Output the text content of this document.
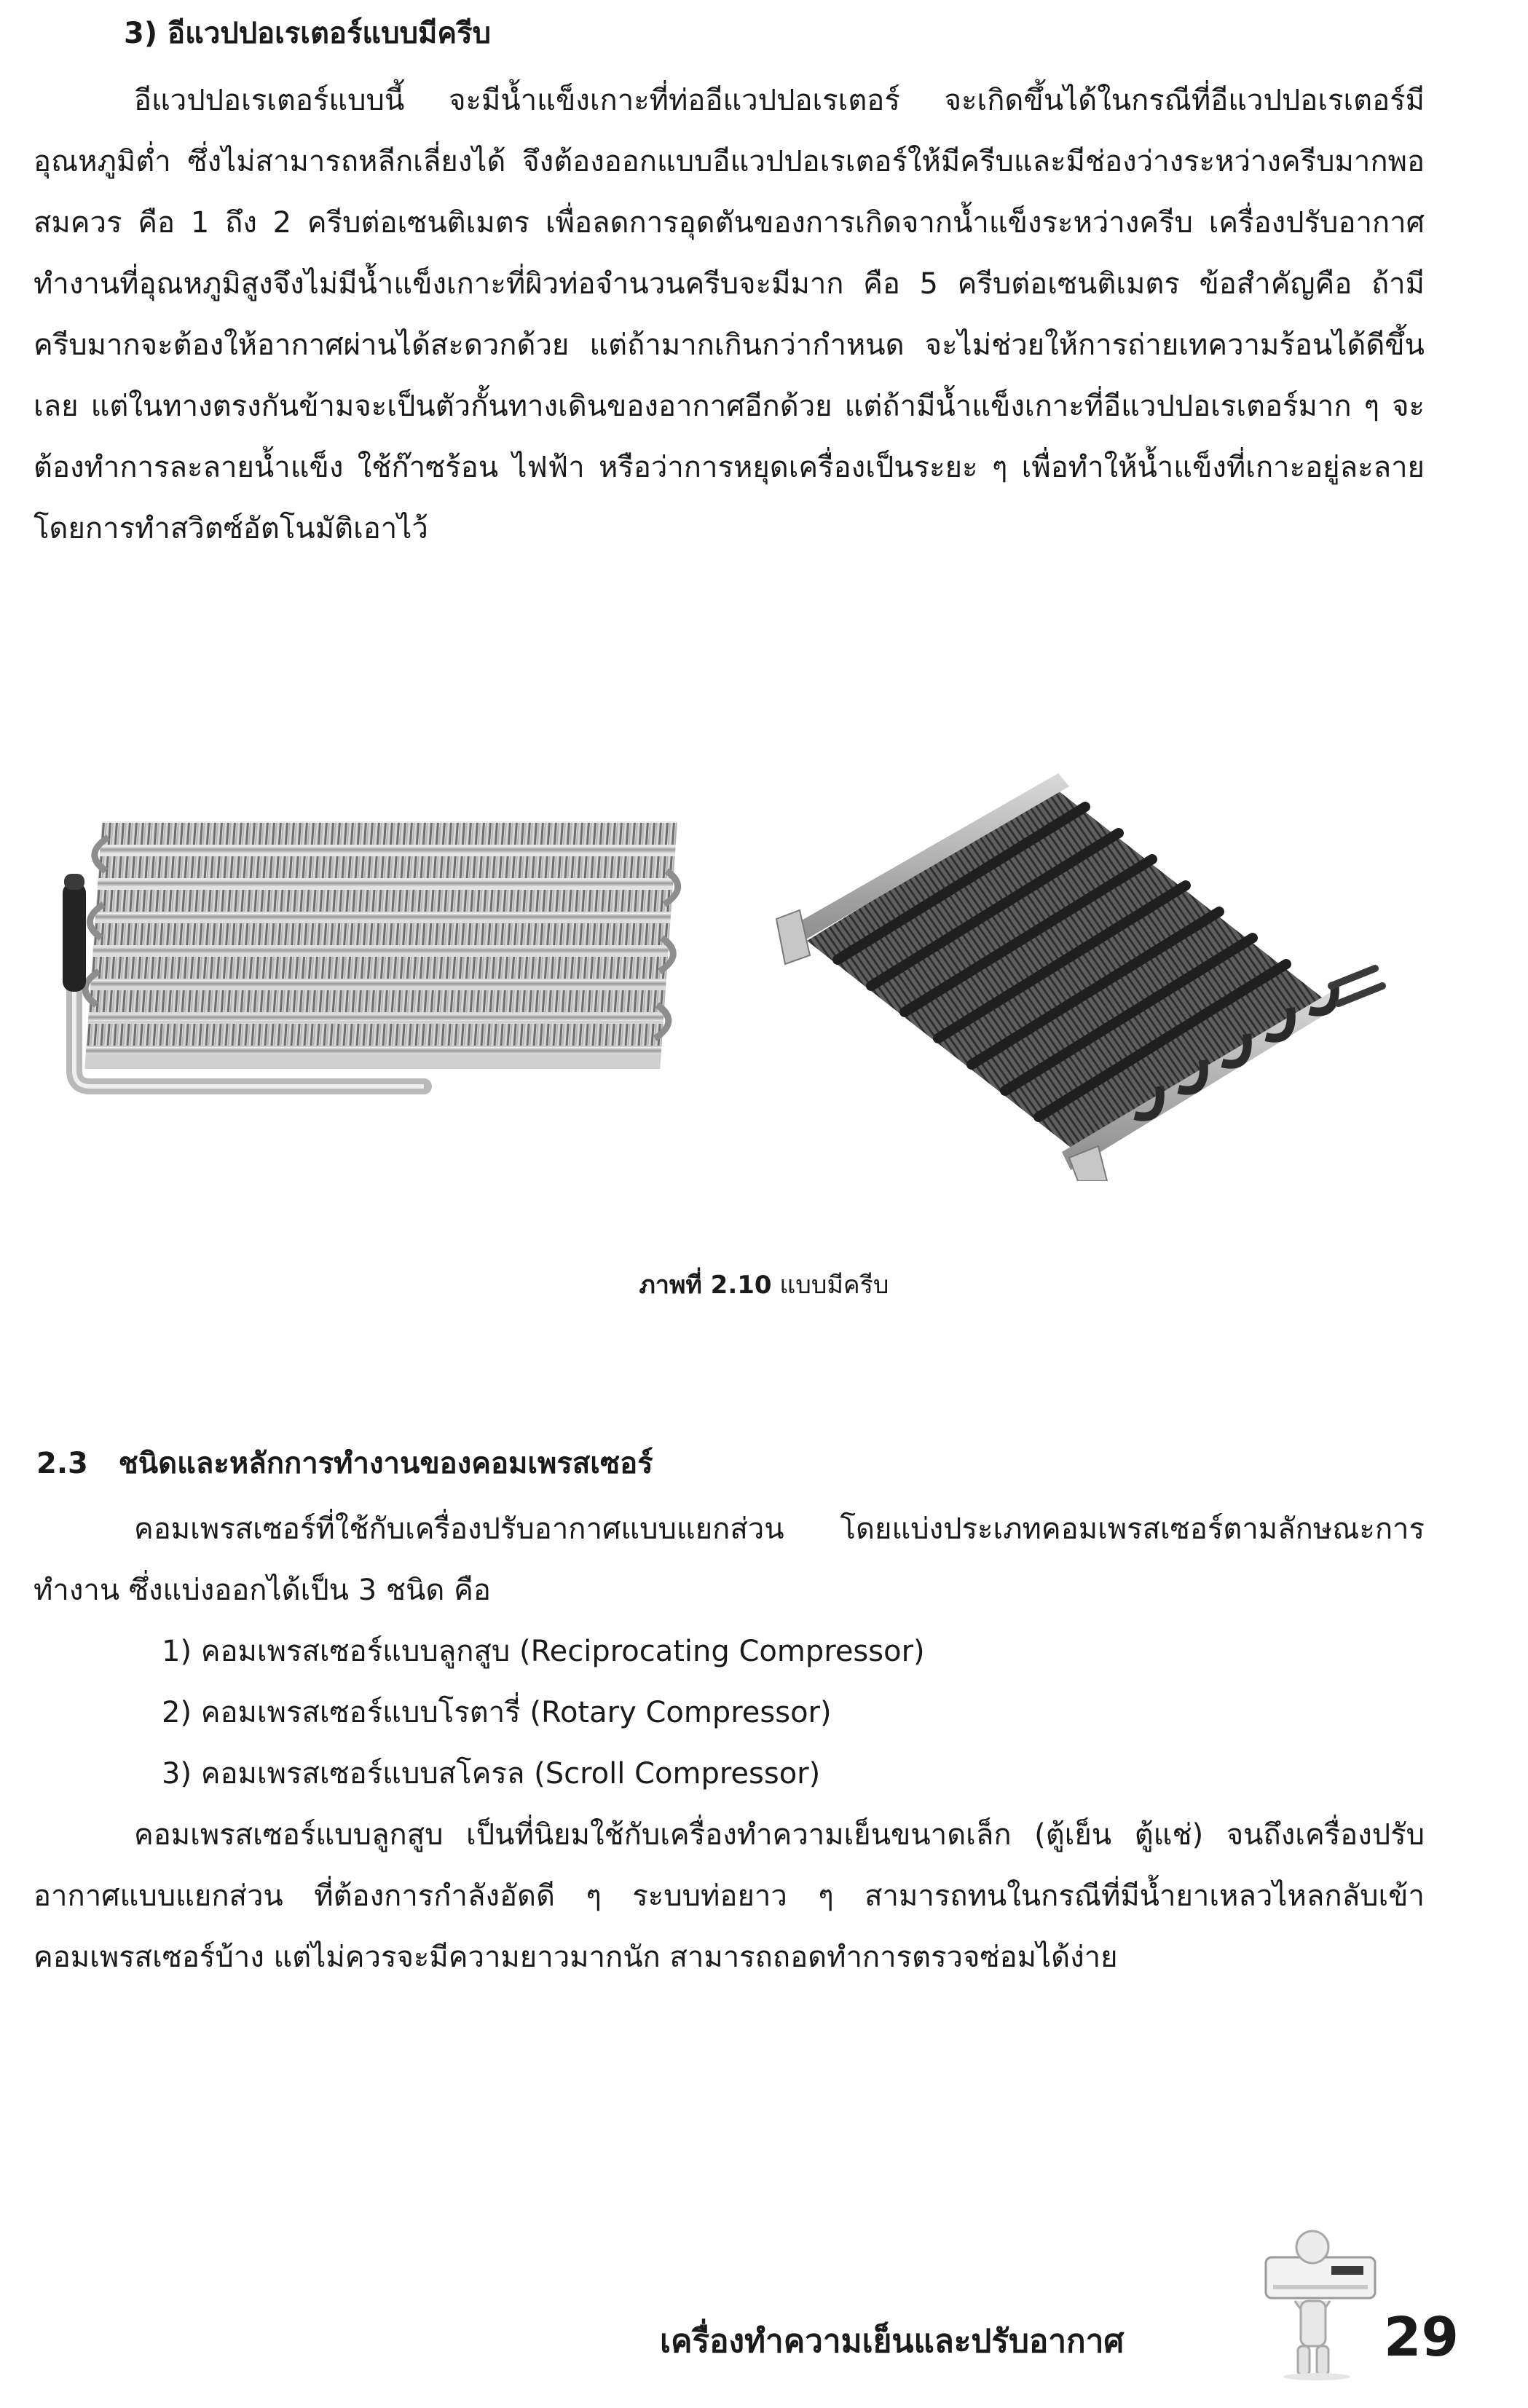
3) อีแวปปอเรเตอร์แบบมีครีบ

อีแวปปอเรเตอร์แบบนี้ จะมีน้ำแข็งเกาะที่ท่ออีแวปปอเรเตอร์ จะเกิดขึ้นได้ในกรณีที่อีแวปปอเรเตอร์มีอุณหภูมิต่ำ ซึ่งไม่สามารถหลีกเลี่ยงได้ จึงต้องออกแบบอีแวปปอเรเตอร์ให้มีครีบและมีช่องว่างระหว่างครีบมากพอสมควร คือ 1 ถึง 2 ครีบต่อเซนติเมตร เพื่อลดการอุดตันของการเกิดจากน้ำแข็งระหว่างครีบ เครื่องปรับอากาศทำงานที่อุณหภูมิสูงจึงไม่มีน้ำแข็งเกาะที่ผิวท่อจำนวนครีบจะมีมาก คือ 5 ครีบต่อเซนติเมตร ข้อสำคัญคือ ถ้ามีครีบมากจะต้องให้อากาศผ่านได้สะดวกด้วย แต่ถ้ามากเกินกว่ากำหนด จะไม่ช่วยให้การถ่ายเทความร้อนได้ดีขึ้นเลย แต่ในทางตรงกันข้ามจะเป็นตัวกั้นทางเดินของอากาศอีกด้วย แต่ถ้ามีน้ำแข็งเกาะที่อีแวปปอเรเตอร์มาก ๆ จะต้องทำการละลายน้ำแข็ง ใช้ก๊าซร้อน ไฟฟ้า หรือว่าการหยุดเครื่องเป็นระยะ ๆ เพื่อทำให้น้ำแข็งที่เกาะอยู่ละลายโดยการทำสวิตซ์อัตโนมัติเอาไว้

ภาพที่ 2.10 แบบมีครีบ
2.3 ชนิดและหลักการทำงานของคอมเพรสเซอร์

คอมเพรสเซอร์ที่ใช้กับเครื่องปรับอากาศแบบแยกส่วน โดยแบ่งประเภทคอมเพรสเซอร์ตามลักษณะการทำงาน ซึ่งแบ่งออกได้เป็น 3 ชนิด คือ

1) คอมเพรสเซอร์แบบลูกสูบ (Reciprocating Compressor)

2) คอมเพรสเซอร์แบบโรตารี่ (Rotary Compressor)

3) คอมเพรสเซอร์แบบสโครล (Scroll Compressor)

คอมเพรสเซอร์แบบลูกสูบ เป็นที่นิยมใช้กับเครื่องทำความเย็นขนาดเล็ก (ตู้เย็น ตู้แช่) จนถึงเครื่องปรับอากาศแบบแยกส่วน ที่ต้องการกำลังอัดดี ๆ ระบบท่อยาว ๆ สามารถทนในกรณีที่มีน้ำยาเหลวไหลกลับเข้าคอมเพรสเซอร์บ้าง แต่ไม่ควรจะมีความยาวมากนัก สามารถถอดทำการตรวจซ่อมได้ง่าย

เครื่องทำความเย็นและปรับอากาศ	29
